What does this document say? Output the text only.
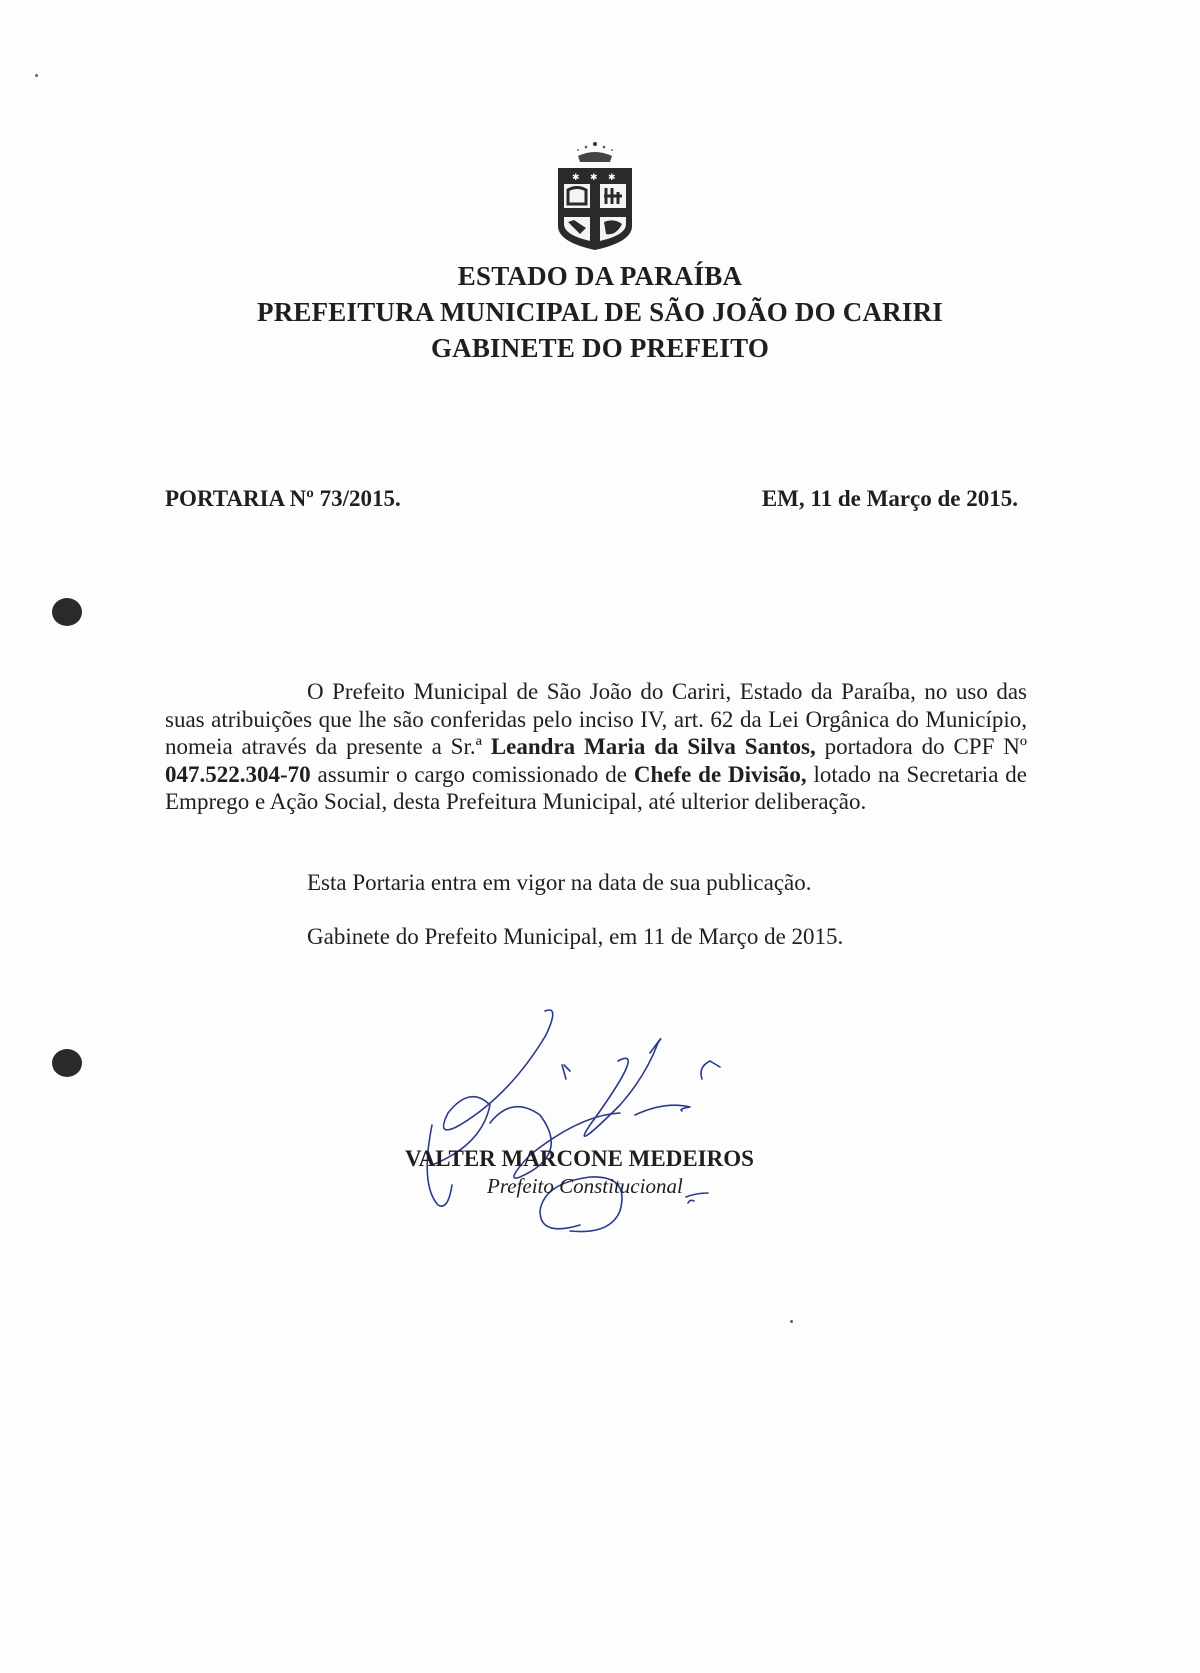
✱ ✱ ✱
ESTADO DA PARAÍBA
PREFEITURA MUNICIPAL DE SÃO JOÃO DO CARIRI
GABINETE DO PREFEITO
PORTARIA Nº 73/2015.	EM, 11 de Março de 2015.
O Prefeito Municipal de São João do Cariri, Estado da Paraíba, no uso das suas atribuições que lhe são conferidas pelo inciso IV, art. 62 da Lei Orgânica do Município, nomeia através da presente a Sr.ª Leandra Maria da Silva Santos, portadora do CPF Nº 047.522.304-70 assumir o cargo comissionado de Chefe de Divisão, lotado na Secretaria de Emprego e Ação Social, desta Prefeitura Municipal, até ulterior deliberação.
Esta Portaria entra em vigor na data de sua publicação.
Gabinete do Prefeito Municipal, em 11 de Março de 2015.
VALTER MARCONE MEDEIROS
Prefeito Constitucional
